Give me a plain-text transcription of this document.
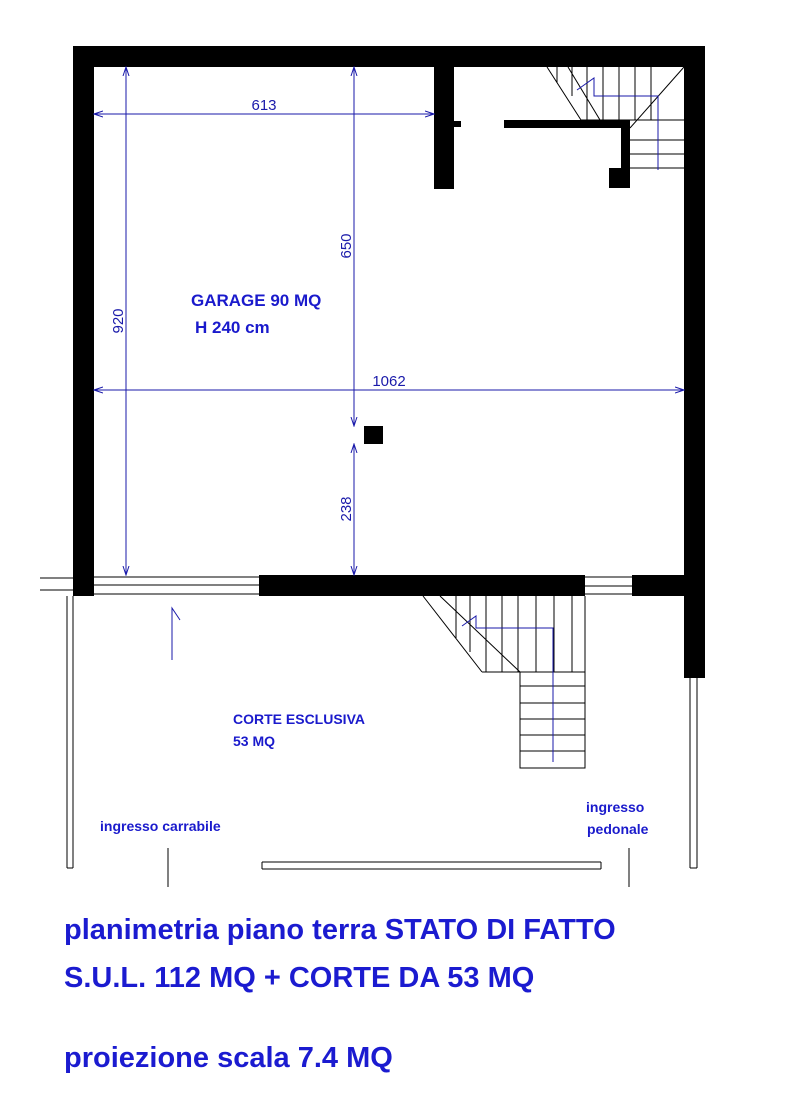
613
920
650
1062
238
GARAGE 90 MQ
H 240 cm
CORTE ESCLUSIVA
53 MQ
ingresso carrabile
ingresso
pedonale

planimetria piano terra STATO DI FATTO

S.U.L. 112 MQ + CORTE DA 53 MQ

proiezione scala 7.4 MQ
